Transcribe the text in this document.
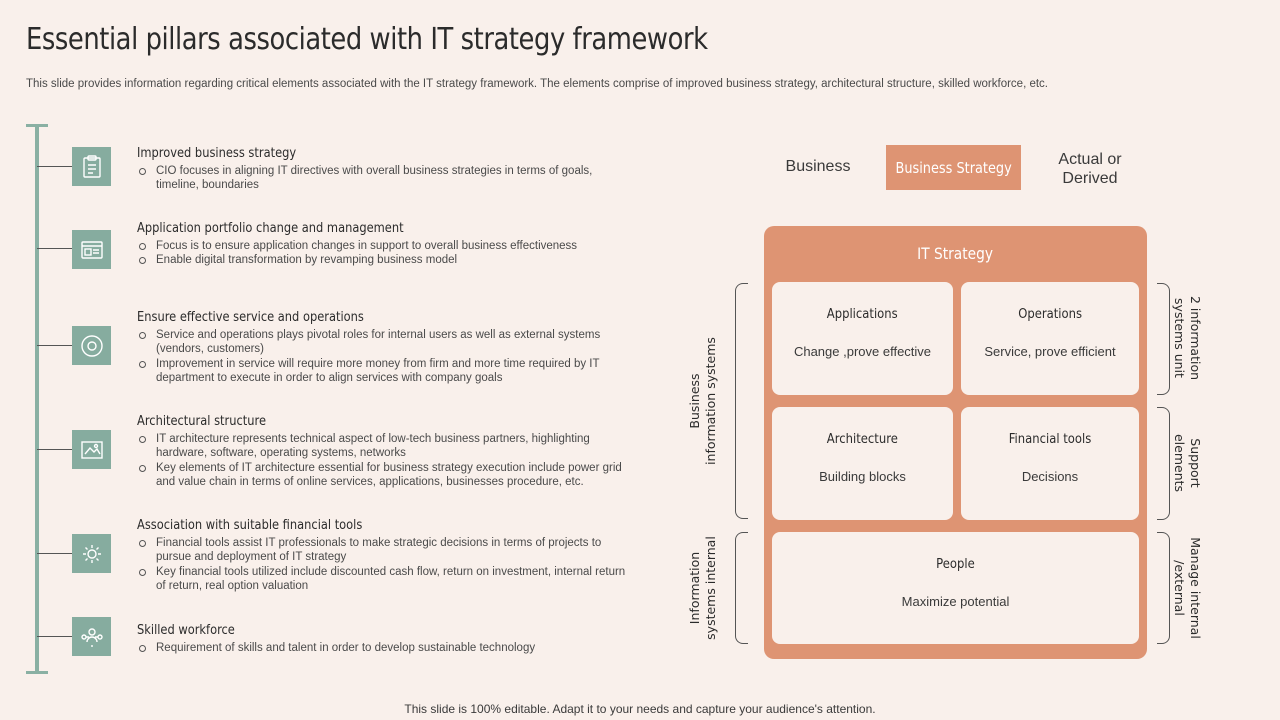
Essential pillars associated with IT strategy framework
This slide provides information regarding critical elements associated with the IT strategy framework. The elements comprise of improved business strategy, architectural structure, skilled workforce, etc.
Improved business strategy
CIO focuses in aligning IT directives with overall business strategies in terms of goals, timeline, boundaries
Application portfolio change and management
Focus is to ensure application changes in support to overall business effectiveness
Enable digital transformation by revamping business model
Ensure effective service and operations
Service and operations plays pivotal roles for internal users as well as external systems (vendors, customers)
Improvement in service will require more money from firm and more time required by IT department to execute in order to align services with company goals
Architectural structure
IT architecture represents technical aspect of low-tech business partners, highlighting hardware, software, operating systems, networks
Key elements of IT architecture essential for business strategy execution include power grid and value chain in terms of online services, applications, businesses procedure, etc.
Association with suitable financial tools
Financial tools assist IT professionals to make strategic decisions in terms of projects to pursue and deployment of IT strategy
Key financial tools utilized include discounted cash flow, return on investment, internal return of return, real option valuation
Skilled workforce
Requirement of skills and talent in order to develop sustainable technology
Business	Business Strategy	Actual or Derived
IT Strategy
Applications
Change ,prove effective
Operations
Service, prove efficient
Architecture
Building blocks
Financial tools
Decisions
People
Maximize potential
Business information systems
Information systems internal
2 information
systems unit
Support
elements
Manage internal
/external
This slide is 100% editable. Adapt it to your needs and capture your audience's attention.
